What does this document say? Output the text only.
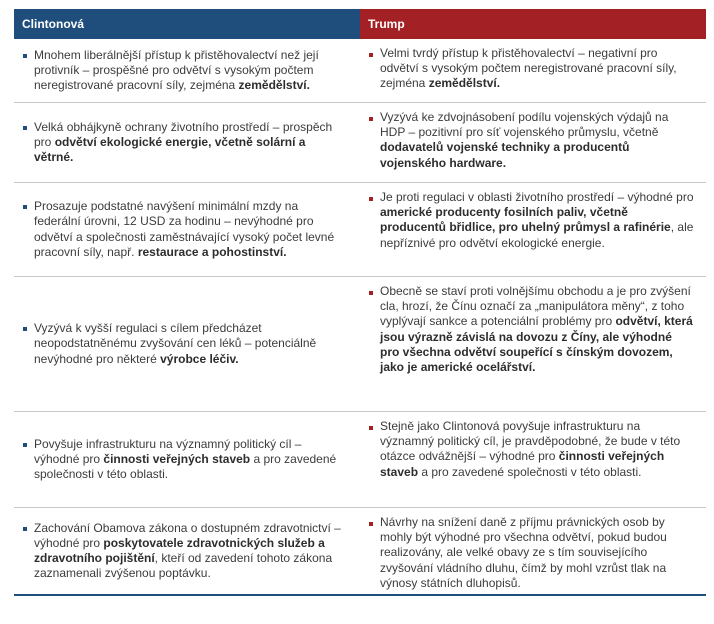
Clintonová	Trump
Mnohem liberálnější přístup k přistěhovalectví než její protivník – prospěšné pro odvětví s vysokým počtem neregistrované pracovní síly, zejména zemědělství.
Velmi tvrdý přístup k přistěhovalectví – negativní pro odvětví s vysokým počtem neregistrované pracovní síly, zejména zemědělství.
Velká obhájkyně ochrany životního prostředí – prospěch pro odvětví ekologické energie, včetně solární a větrné.
Vyzývá ke zdvojnásobení podílu vojenských výdajů na HDP – pozitivní pro síť vojenského průmyslu, včetně dodavatelů vojenské techniky a producentů vojenského hardware.
Prosazuje podstatné navýšení minimální mzdy na federální úrovni, 12 USD za hodinu – nevýhodné pro odvětví a společnosti zaměstnávající vysoký počet levné pracovní síly, např. restaurace a pohostinství.
Je proti regulaci v oblasti životního prostředí – výhodné pro americké producenty fosilních paliv, včetně producentů břidlice, pro uhelný průmysl a rafinérie, ale nepříznivé pro odvětví ekologické energie.
Vyzývá k vyšší regulaci s cílem předcházet neopodstatněnému zvyšování cen léků – potenciálně nevýhodné pro některé výrobce léčiv.
Obecně se staví proti volnějšímu obchodu a je pro zvýšení cla, hrozí, že Čínu označí za „manipulátora měny“, z toho vyplývají sankce a potenciální problémy pro odvětví, která jsou výrazně závislá na dovozu z Číny, ale výhodné pro všechna odvětví soupeřící s čínským dovozem, jako je americké ocelářství.
Povyšuje infrastrukturu na významný politický cíl – výhodné pro činnosti veřejných staveb a pro zavedené společnosti v této oblasti.
Stejně jako Clintonová povyšuje infrastrukturu na významný politický cíl, je pravděpodobné, že bude v této otázce odvážnější – výhodné pro činnosti veřejných staveb a pro zavedené společnosti v této oblasti.
Zachování Obamova zákona o dostupném zdravotnictví – výhodné pro poskytovatele zdravotnických služeb a zdravotního pojištění, kteří od zavedení tohoto zákona zaznamenali zvýšenou poptávku.
Návrhy na snížení daně z příjmu právnických osob by mohly být výhodné pro všechna odvětví, pokud budou realizovány, ale velké obavy ze s tím souvisejícího zvyšování vládního dluhu, čímž by mohl vzrůst tlak na výnosy státních dluhopisů.
